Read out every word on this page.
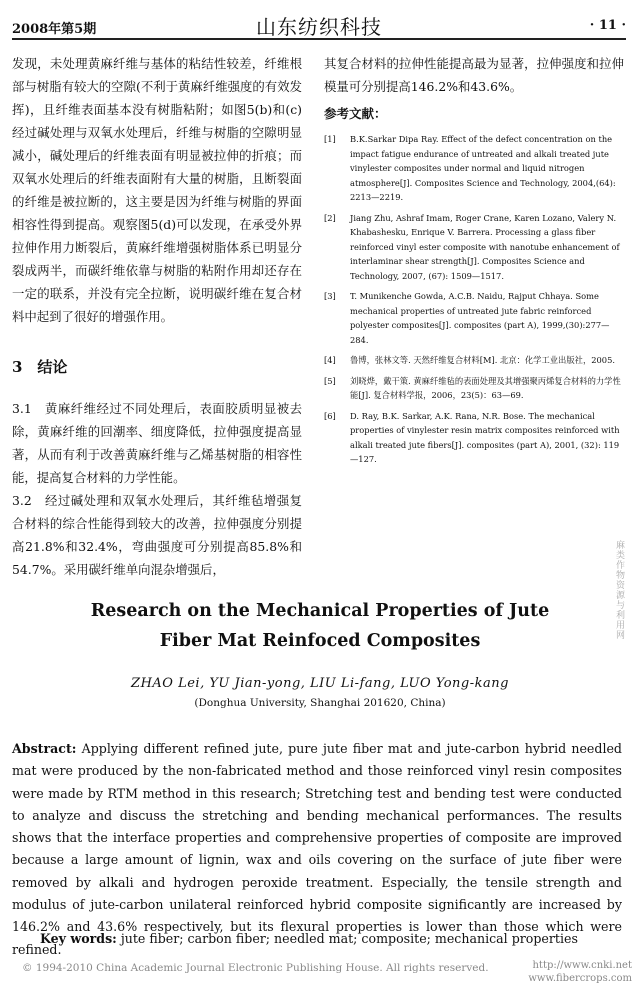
2008年第5期	山东纺织科技	· 11 ·

发现，未处理黄麻纤维与基体的粘结性较差，纤维根部与树脂有较大的空隙(不利于黄麻纤维强度的有效发挥)，且纤维表面基本没有树脂粘附；如图5(b)和(c)经过碱处理与双氧水处理后，纤维与树脂的空隙明显减小，碱处理后的纤维表面有明显被拉伸的折痕；而双氧水处理后的纤维表面附有大量的树脂，且断裂面的纤维是被拉断的，这主要是因为纤维与树脂的界面相容性得到提高。观察图5(d)可以发现，在承受外界拉伸作用力断裂后，黄麻纤维增强树脂体系已明显分裂成两半，而碳纤维依靠与树脂的粘附作用却还存在一定的联系，并没有完全拉断，说明碳纤维在复合材料中起到了很好的增强作用。

3　结论

3.1　黄麻纤维经过不同处理后，表面胶质明显被去除，黄麻纤维的回潮率、细度降低，拉伸强度提高显著，从而有利于改善黄麻纤维与乙烯基树脂的相容性能，提高复合材料的力学性能。

3.2　经过碱处理和双氧水处理后，其纤维毡增强复合材料的综合性能得到较大的改善，拉伸强度分别提高21.8%和32.4%，弯曲强度可分别提高85.8%和54.7%。采用碳纤维单向混杂增强后，

其复合材料的拉伸性能提高最为显著，拉伸强度和拉伸模量可分别提高146.2%和43.6%。

参考文献：
[1]	B.K.Sarkar Dipa Ray. Effect of the defect concentration on the impact fatigue endurance of untreated and alkali treated jute vinylester composites under normal and liquid nitrogen atmosphere[J]. Composites Science and Technology, 2004,(64): 2213—2219.
[2]	Jiang Zhu, Ashraf Imam, Roger Crane, Karen Lozano, Valery N. Khabashesku, Enrique V. Barrera. Processing a glass fiber reinforced vinyl ester composite with nanotube enhancement of interlaminar shear strength[J]. Composites Science and Technology, 2007, (67): 1509—1517.
[3]	T. Munikenche Gowda, A.C.B. Naidu, Rajput Chhaya. Some mechanical properties of untreated jute fabric reinforced polyester composites[J]. composites (part A), 1999,(30):277—284.
[4]	鲁博，张林文等. 天然纤维复合材料[M]. 北京：化学工业出版社，2005.
[5]	刘晓烨，戴干策. 黄麻纤维毡的表面处理及其增强聚丙烯复合材料的力学性能[J]. 复合材料学报，2006，23(5)：63—69.
[6]	D. Ray, B.K. Sarkar, A.K. Rana, N.R. Bose. The mechanical properties of vinylester resin matrix composites reinforced with alkali treated jute fibers[J]. composites (part A), 2001, (32): 119—127.
麻类作物资源与利用网
Research on the Mechanical Properties of Jute
Fiber Mat Reinfoced Composites
ZHAO Lei, YU Jian-yong, LIU Li-fang, LUO Yong-kang
(Donghua University, Shanghai 201620, China)
Abstract: Applying different refined jute, pure jute fiber mat and jute-carbon hybrid needled mat were produced by the non-fabricated method and those reinforced vinyl resin composites were made by RTM method in this research; Stretching test and bending test were conducted to analyze and discuss the stretching and bending mechanical performances. The results shows that the interface properties and comprehensive properties of composite are improved because a large amount of lignin, wax and oils covering on the surface of jute fiber were removed by alkali and hydrogen peroxide treatment. Especially, the tensile strength and modulus of jute-carbon unilateral reinforced hybrid composite significantly are increased by 146.2% and 43.6% respectively, but its flexural properties is lower than those which were refined.
Key words: jute fiber; carbon fiber; needled mat; composite; mechanical properties
© 1994-2010 China Academic Journal Electronic Publishing House. All rights reserved.	http://www.cnki.net
www.fibercrops.com
